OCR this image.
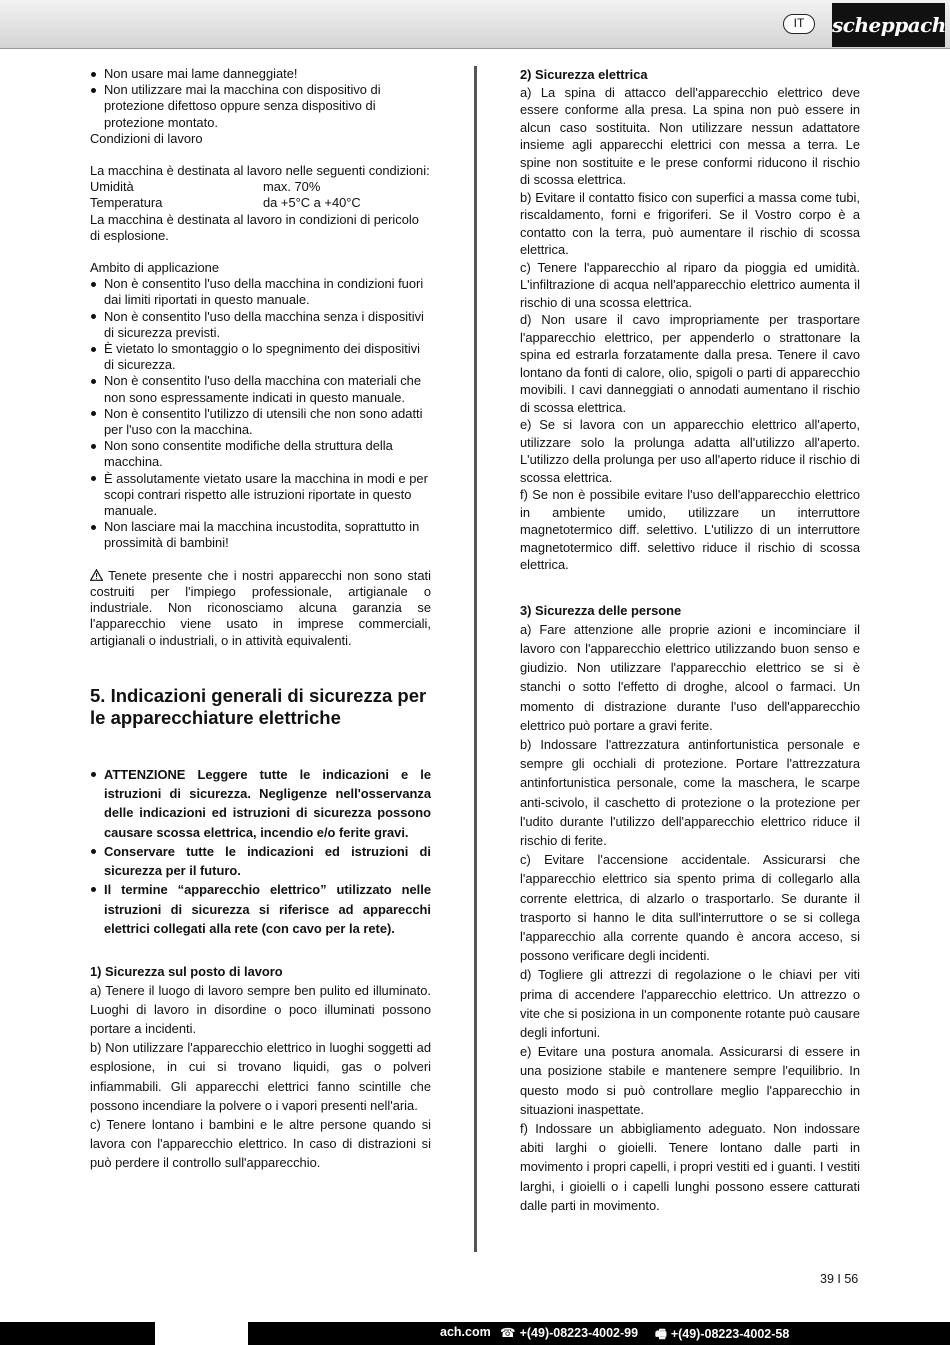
IT	scheppach
Non usare mai lame danneggiate!
Non utilizzare mai la macchina con dispositivo di protezione difettoso oppure senza dispositivo di protezione montato.

Condizioni di lavoro

La macchina è destinata al lavoro nelle seguenti condizioni:

Umidità	max. 70%
Temperatura	da +5°C a +40°C

La macchina è destinata al lavoro in condizioni di pericolo di esplosione.

Ambito di applicazione

Non è consentito l'uso della macchina in condizioni fuori dai limiti riportati in questo manuale.
Non è consentito l'uso della macchina senza i dispositivi di sicurezza previsti.
È vietato lo smontaggio o lo spegnimento dei dispositivi di sicurezza.
Non è consentito l'uso della macchina con materiali che non sono espressamente indicati in questo manuale.
Non è consentito l'utilizzo di utensili che non sono adatti per l'uso con la macchina.
Non sono consentite modifiche della struttura della macchina.
È assolutamente vietato usare la macchina in modi e per scopi contrari rispetto alle istruzioni riportate in questo manuale.
Non lasciare mai la macchina incustodita, soprattutto in prossimità di bambini!

Tenete presente che i nostri apparecchi non sono stati costruiti per l'impiego professionale, artigianale o industriale. Non riconosciamo alcuna garanzia se l'apparecchio viene usato in imprese commerciali, artigianali o industriali, o in attività equivalenti.

5. Indicazioni generali di sicurezza per le apparecchiature elettriche
ATTENZIONE Leggere tutte le indicazioni e le istruzioni di sicurezza. Negligenze nell'osservanza delle indicazioni ed istruzioni di sicurezza possono causare scossa elettrica, incendio e/o ferite gravi.
Conservare tutte le indicazioni ed istruzioni di sicurezza per il futuro.
Il termine “apparecchio elettrico” utilizzato nelle istruzioni di sicurezza si riferisce ad apparecchi elettrici collegati alla rete (con cavo per la rete).

1) Sicurezza sul posto di lavoro

a) Tenere il luogo di lavoro sempre ben pulito ed illuminato. Luoghi di lavoro in disordine o poco illuminati possono portare a incidenti.

b) Non utilizzare l'apparecchio elettrico in luoghi soggetti ad esplosione, in cui si trovano liquidi, gas o polveri infiammabili. Gli apparecchi elettrici fanno scintille che possono incendiare la polvere o i vapori presenti nell'aria.

c) Tenere lontano i bambini e le altre persone quando si lavora con l'apparecchio elettrico. In caso di distrazioni si può perdere il controllo sull'apparecchio.

2) Sicurezza elettrica

a) La spina di attacco dell'apparecchio elettrico deve essere conforme alla presa. La spina non può essere in alcun caso sostituita. Non utilizzare nessun adattatore insieme agli apparecchi elettrici con messa a terra. Le spine non sostituite e le prese conformi riducono il rischio di scossa elettrica.

b) Evitare il contatto fisico con superfici a massa come tubi, riscaldamento, forni e frigoriferi. Se il Vostro corpo è a contatto con la terra, può aumentare il rischio di scossa elettrica.

c) Tenere l'apparecchio al riparo da pioggia ed umidità. L'infiltrazione di acqua nell'apparecchio elettrico aumenta il rischio di una scossa elettrica.

d) Non usare il cavo impropriamente per trasportare l'apparecchio elettrico, per appenderlo o strattonare la spina ed estrarla forzatamente dalla presa. Tenere il cavo lontano da fonti di calore, olio, spigoli o parti di apparecchio movibili. I cavi danneggiati o annodati aumentano il rischio di scossa elettrica.

e) Se si lavora con un apparecchio elettrico all'aperto, utilizzare solo la prolunga adatta all'utilizzo all'aperto. L'utilizzo della prolunga per uso all'aperto riduce il rischio di scossa elettrica.

f) Se non è possibile evitare l'uso dell'apparecchio elettrico in ambiente umido, utilizzare un interruttore magnetotermico diff. selettivo. L'utilizzo di un interruttore magnetotermico diff. selettivo riduce il rischio di scossa elettrica.

3) Sicurezza delle persone

a) Fare attenzione alle proprie azioni e incominciare il lavoro con l'apparecchio elettrico utilizzando buon senso e giudizio. Non utilizzare l'apparecchio elettrico se si è stanchi o sotto l'effetto di droghe, alcool o farmaci. Un momento di distrazione durante l'uso dell'apparecchio elettrico può portare a gravi ferite.

b) Indossare l'attrezzatura antinfortunistica personale e sempre gli occhiali di protezione. Portare l'attrezzatura antinfortunistica personale, come la maschera, le scarpe anti-scivolo, il caschetto di protezione o la protezione per l'udito durante l'utilizzo dell'apparecchio elettrico riduce il rischio di ferite.

c) Evitare l'accensione accidentale. Assicurarsi che l'apparecchio elettrico sia spento prima di collegarlo alla corrente elettrica, di alzarlo o trasportarlo. Se durante il trasporto si hanno le dita sull'interruttore o se si collega l'apparecchio alla corrente quando è ancora acceso, si possono verificare degli incidenti.

d) Togliere gli attrezzi di regolazione o le chiavi per viti prima di accendere l'apparecchio elettrico. Un attrezzo o vite che si posiziona in un componente rotante può causare degli infortuni.

e) Evitare una postura anomala. Assicurarsi di essere in una posizione stabile e mantenere sempre l'equilibrio. In questo modo si può controllare meglio l'apparecchio in situazioni inaspettate.

f) Indossare un abbigliamento adeguato. Non indossare abiti larghi o gioielli. Tenere lontano dalle parti in movimento i propri capelli, i propri vestiti ed i guanti. I vestiti larghi, i gioielli o i capelli lunghi possono essere catturati dalle parti in movimento.

39 I 56
ach.com ☎ +(49)-08223-4002-99 🖷 +(49)-08223-4002-58
